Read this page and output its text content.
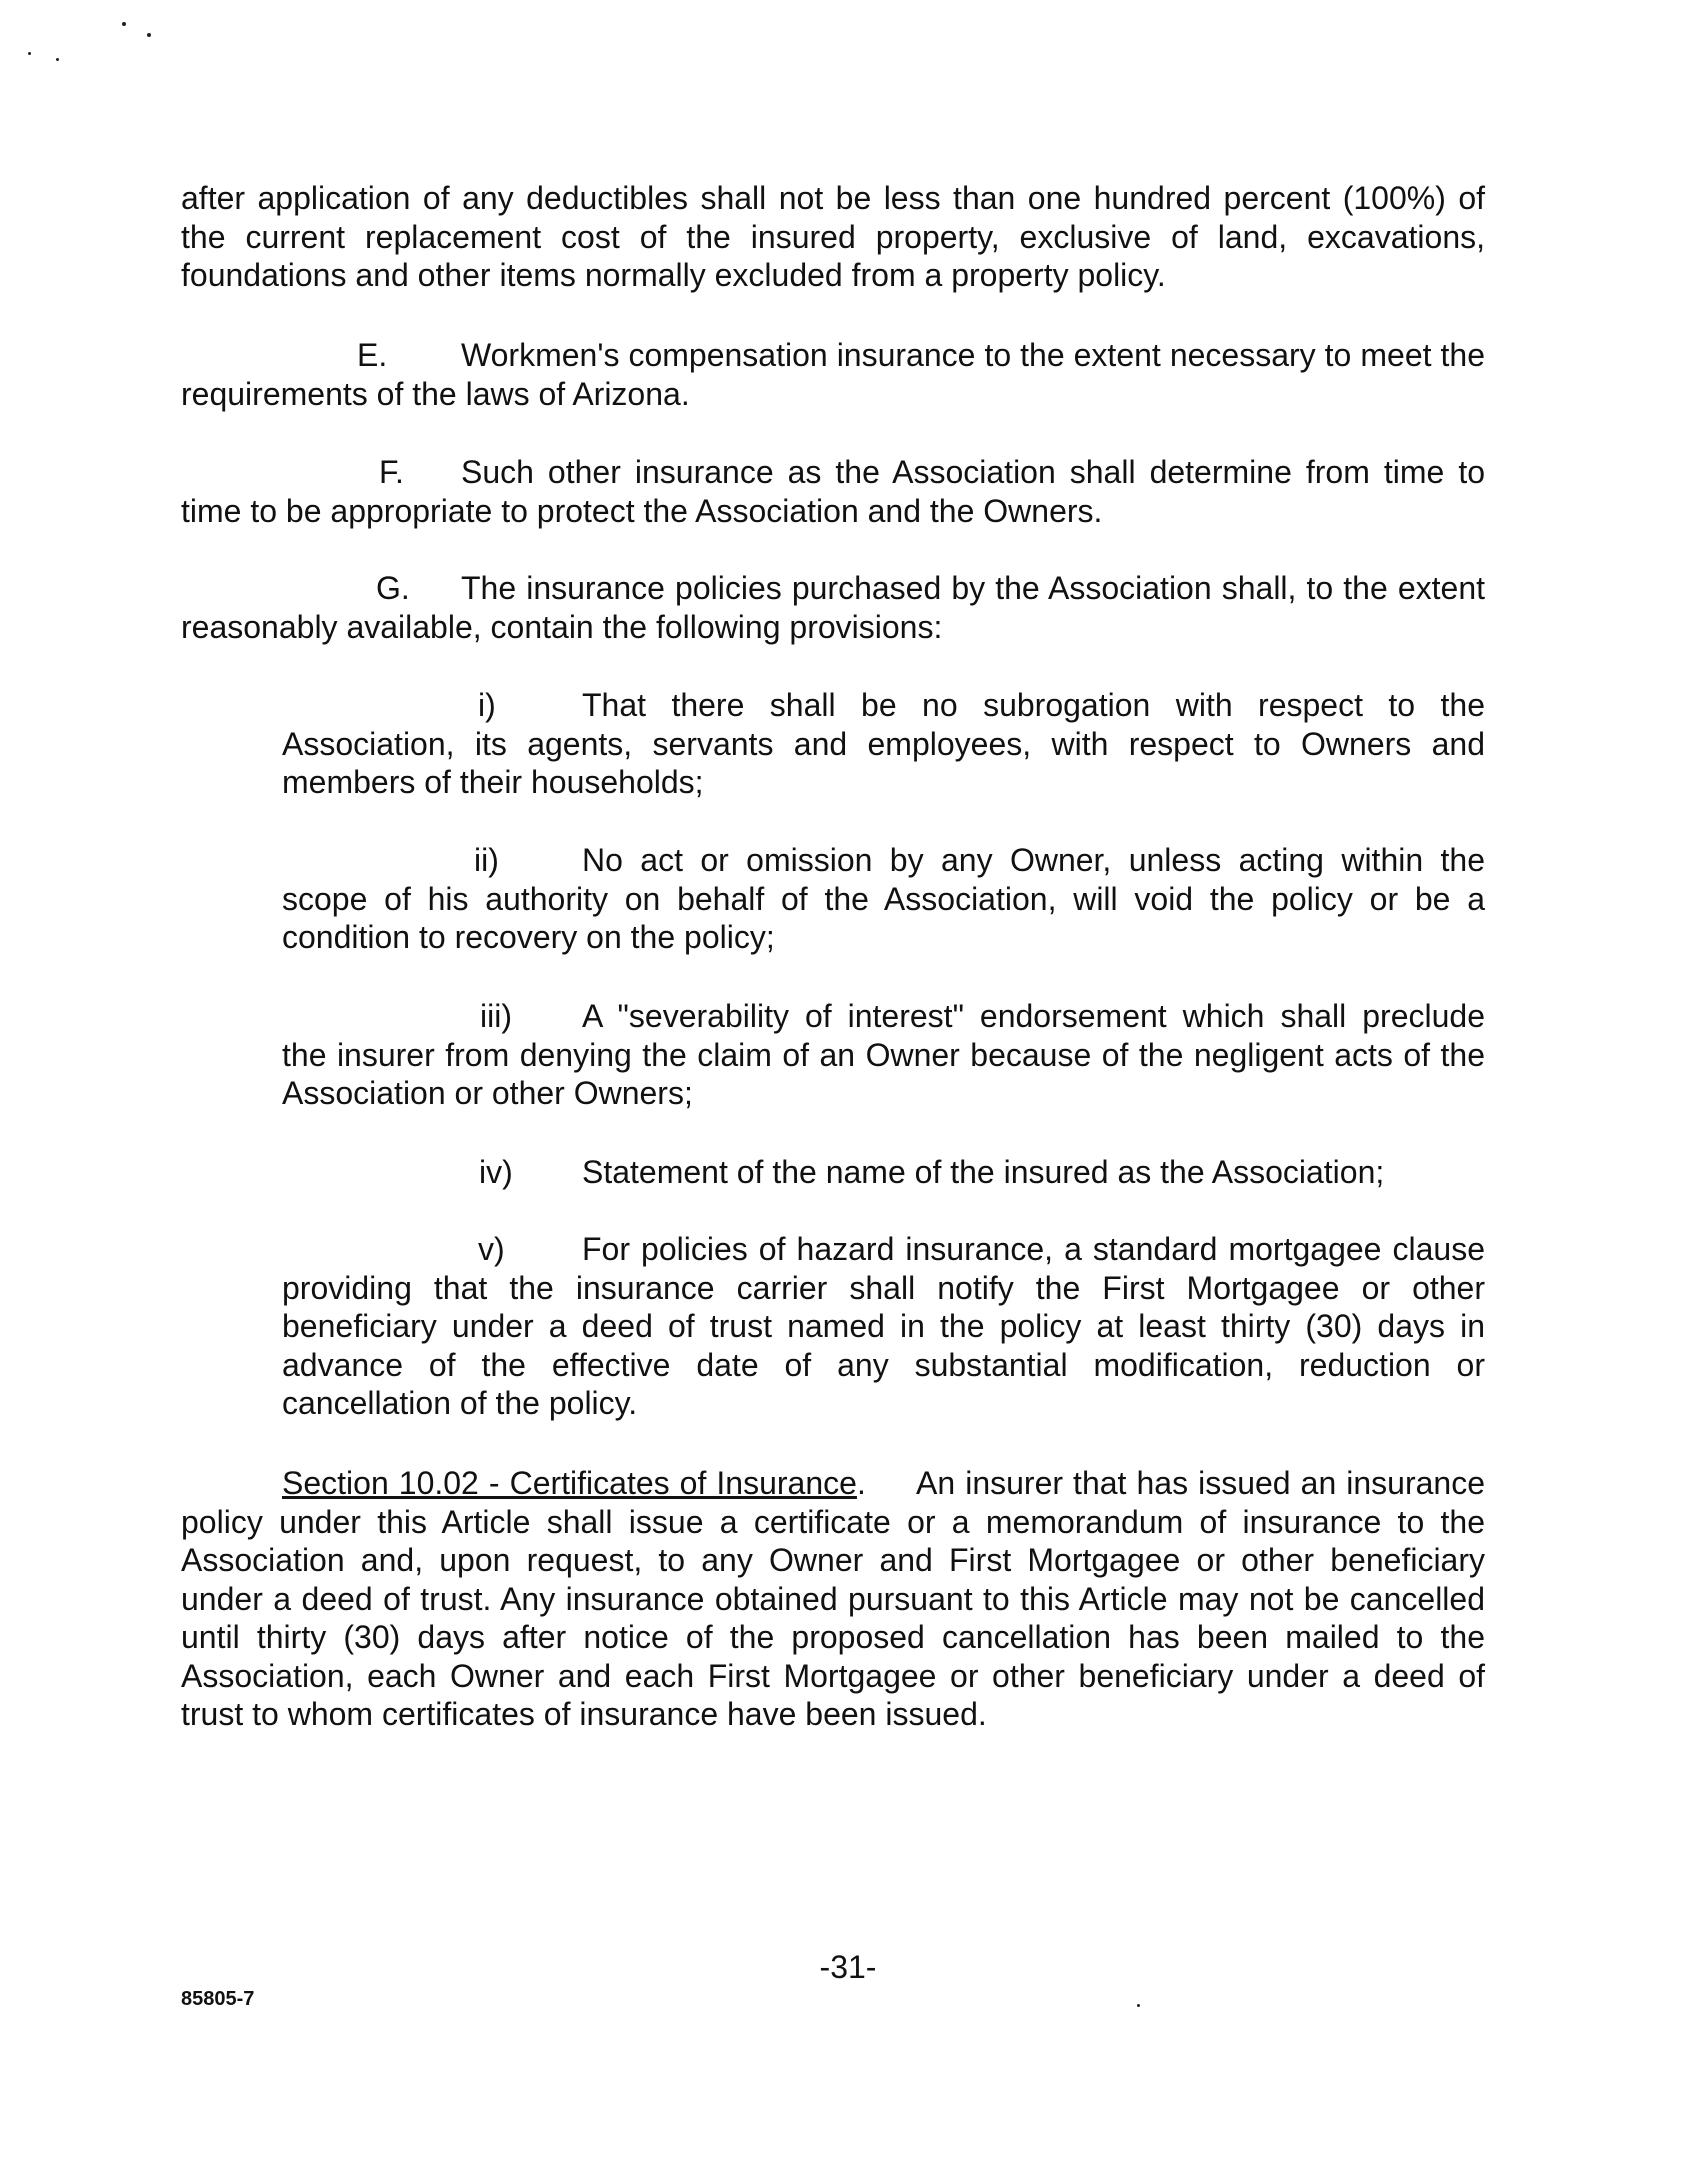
after application of any deductibles shall not be less than one hundred percent (100%) of the current replacement cost of the insured property, exclusive of land, excavations, foundations and other items normally excluded from a property policy.

E. Workmen's compensation insurance to the extent necessary to meet the requirements of the laws of Arizona.

F. Such other insurance as the Association shall determine from time to time to be appropriate to protect the Association and the Owners.

G. The insurance policies purchased by the Association shall, to the extent reasonably available, contain the following provisions:

i)	That there shall be no subrogation with respect to the Association, its agents, servants and employees, with respect to Owners and members of their households;

ii)	No act or omission by any Owner, unless acting within the scope of his authority on behalf of the Association, will void the policy or be a condition to recovery on the policy;

iii) A "severability of interest" endorsement which shall preclude the insurer from denying the claim of an Owner because of the negligent acts of the Association or other Owners;

iv) Statement of the name of the insured as the Association;

v) For policies of hazard insurance, a standard mortgagee clause providing that the insurance carrier shall notify the First Mortgagee or other beneficiary under a deed of trust named in the policy at least thirty (30) days in advance of the effective date of any substantial modification, reduction or cancellation of the policy.

Section 10.02 - Certificates of Insurance.     An insurer that has issued an insurance policy under this Article shall issue a certificate or a memorandum of insurance to the Association and, upon request, to any Owner and First Mortgagee or other beneficiary under a deed of trust. Any insurance obtained pursuant to this Article may not be cancelled until thirty (30) days after notice of the proposed cancellation has been mailed to the Association, each Owner and each First Mortgagee or other beneficiary under a deed of trust to whom certificates of insurance have been issued.

-31-
85805-7
